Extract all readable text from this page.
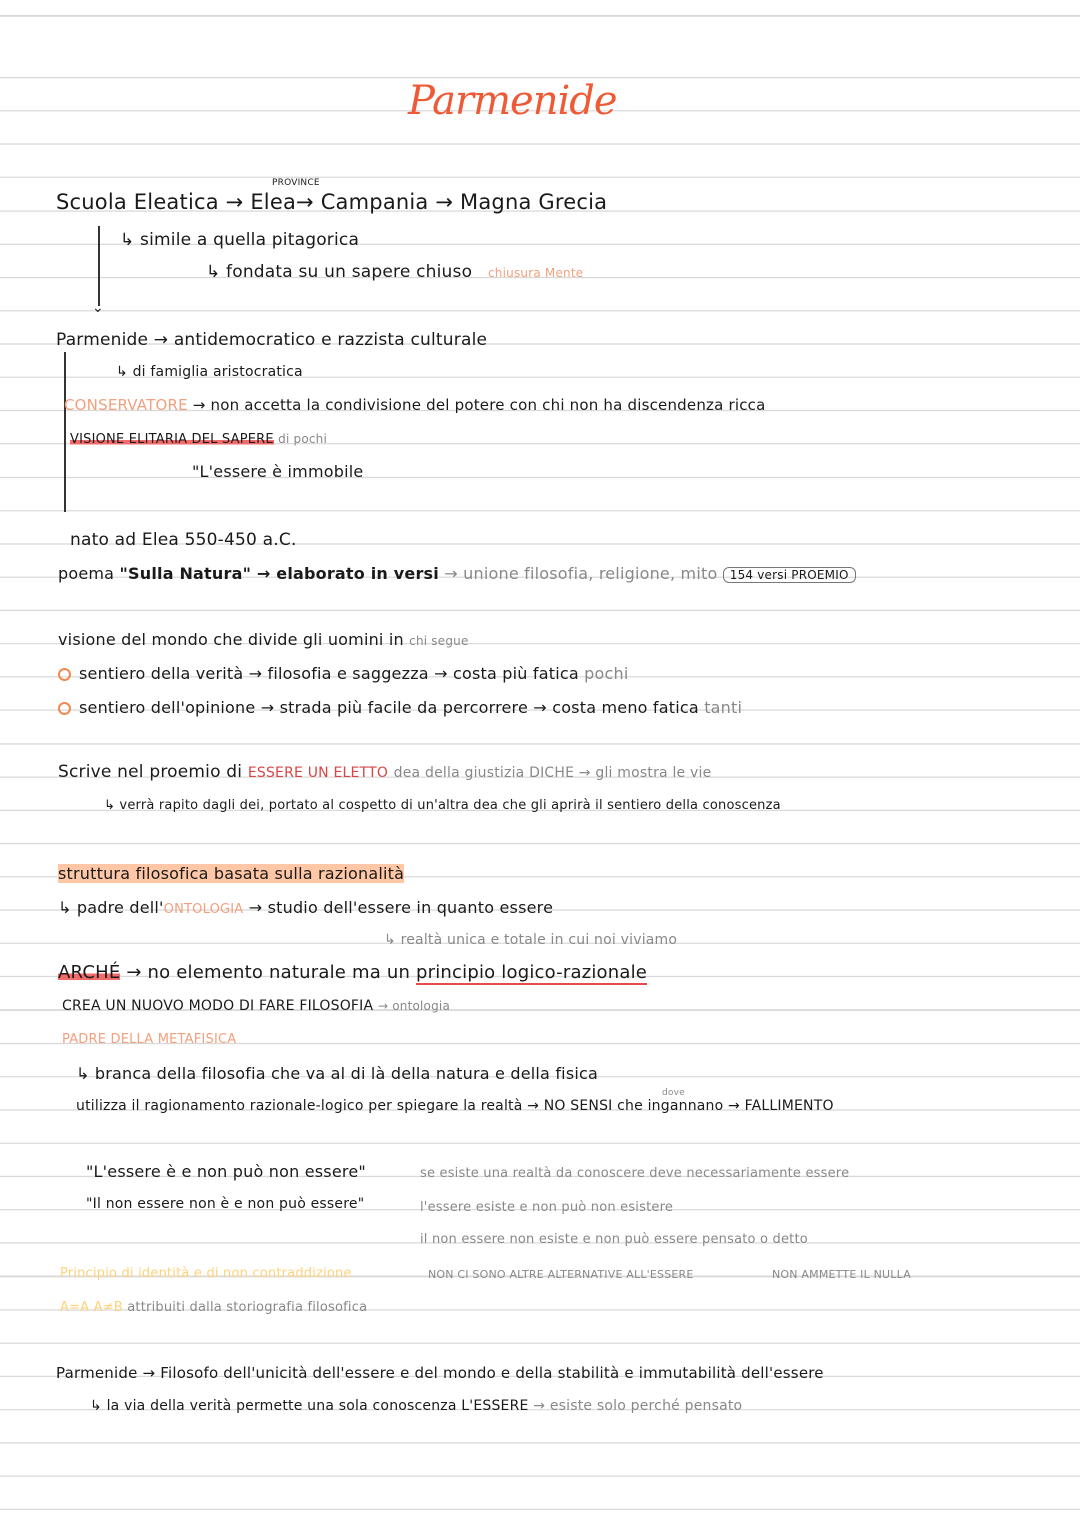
Parmenide
PROVINCE
Scuola Eleatica → Elea→ Campania → Magna Grecia
⌄
↳ simile a quella pitagorica
↳ fondata su un sapere chiuso chiusura Mente
Parmenide → antidemocratico e razzista culturale
↳ di famiglia aristocratica
CONSERVATORE → non accetta la condivisione del potere con chi non ha discendenza ricca
VISIONE ELITARIA DEL SAPERE di pochi
"L'essere è immobile
nato ad Elea 550-450 a.C.
poema "Sulla Natura" → elaborato in versi → unione filosofia, religione, mito 154 versi PROEMIO
visione del mondo che divide gli uomini in chi segue
sentiero della verità → filosofia e saggezza → costa più fatica pochi
sentiero dell'opinione → strada più facile da percorrere → costa meno fatica tanti
Scrive nel proemio di ESSERE UN ELETTO dea della giustizia DICHE → gli mostra le vie
↳ verrà rapito dagli dei, portato al cospetto di un'altra dea che gli aprirà il sentiero della conoscenza
struttura filosofica basata sulla razionalità
↳ padre dell'ONTOLOGIA → studio dell'essere in quanto essere
↳ realtà unica e totale in cui noi viviamo
ARCHÉ → no elemento naturale ma un principio logico-razionale
CREA UN NUOVO MODO DI FARE FILOSOFIA → ontologia
PADRE DELLA METAFISICA
↳ branca della filosofia che va al di là della natura e della fisica
dove
utilizza il ragionamento razionale-logico per spiegare la realtà → NO SENSI che ingannano → FALLIMENTO
"L'essere è e non può non essere"
"Il non essere non è e non può essere"
se esiste una realtà da conoscere deve necessariamente essere
l'essere esiste e non può non esistere
il non essere non esiste e non può essere pensato o detto
NON CI SONO ALTRE ALTERNATIVE ALL'ESSERE	NON AMMETTE IL NULLA
Principio di identità e di non contraddizione
A=A A≠B attribuiti dalla storiografia filosofica
Parmenide → Filosofo dell'unicità dell'essere e del mondo e della stabilità e immutabilità dell'essere
↳ la via della verità permette una sola conoscenza L'ESSERE → esiste solo perché pensato
